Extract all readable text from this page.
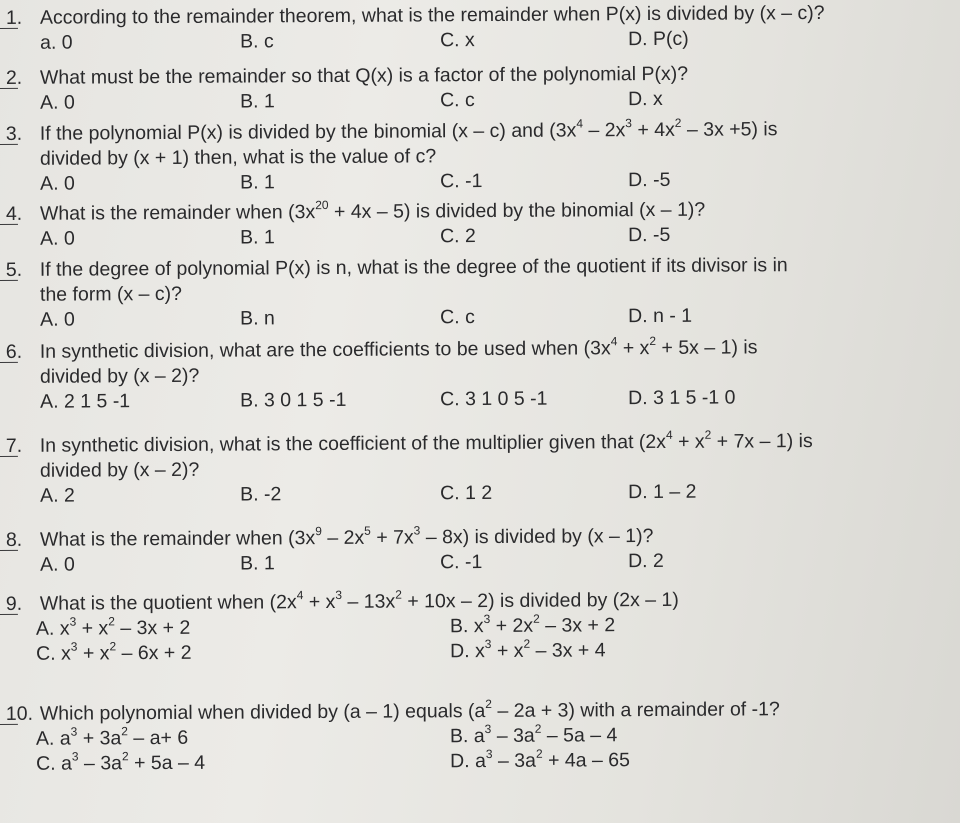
1. According to the remainder theorem, what is the remainder when P(x) is divided by (x – c)?
a. 0	B. c	C. x	D. P(c)
2. What must be the remainder so that Q(x) is a factor of the polynomial P(x)?
A. 0	B. 1	C. c	D. x
3. If the polynomial P(x) is divided by the binomial (x – c) and $(3x^4 - 2x^3 + 4x^2 - 3x +5)$ is
divided by (x + 1) then, what is the value of c?
A. 0	B. 1	C. -1	D. -5
4. What is the remainder when $(3x^{20} + 4x - 5)$ is divided by the binomial (x – 1)?
A. 0	B. 1	C. 2	D. -5
5. If the degree of polynomial P(x) is n, what is the degree of the quotient if its divisor is in
the form (x – c)?
A. 0	B. n	C. c	D. n - 1
6. In synthetic division, what are the coefficients to be used when $(3x^4 + x^2 + 5x - 1)$ is
divided by (x – 2)?
A. 2 1 5 -1	B. 3 0 1 5 -1	C. 3 1 0 5 -1	D. 3 1 5 -1 0
7. In synthetic division, what is the coefficient of the multiplier given that $(2x^4 + x^2 + 7x - 1)$ is
divided by (x – 2)?
A. 2	B. -2	C. 1 2	D. 1 – 2
8. What is the remainder when $(3x^9 - 2x^5 + 7x^3 - 8x)$ is divided by (x – 1)?
A. 0	B. 1	C. -1	D. 2
9. What is the quotient when $(2x^4 + x^3 - 13x^2 + 10x - 2)$ is divided by (2x – 1)
A. $x^3 + x^2 - 3x + 2$	B. $x^3 + 2x^2 - 3x + 2$
C. $x^3 + x^2 - 6x + 2$	D. $x^3 + x^2 - 3x + 4$
10. Which polynomial when divided by (a – 1) equals $(a^2 - 2a + 3)$ with a remainder of -1?
A. $a^3 + 3a^2 - a+ 6$	B. $a^3 - 3a^2 - 5a - 4$
C. $a^3 - 3a^2 + 5a - 4$	D. $a^3 - 3a^2 + 4a - 65$
